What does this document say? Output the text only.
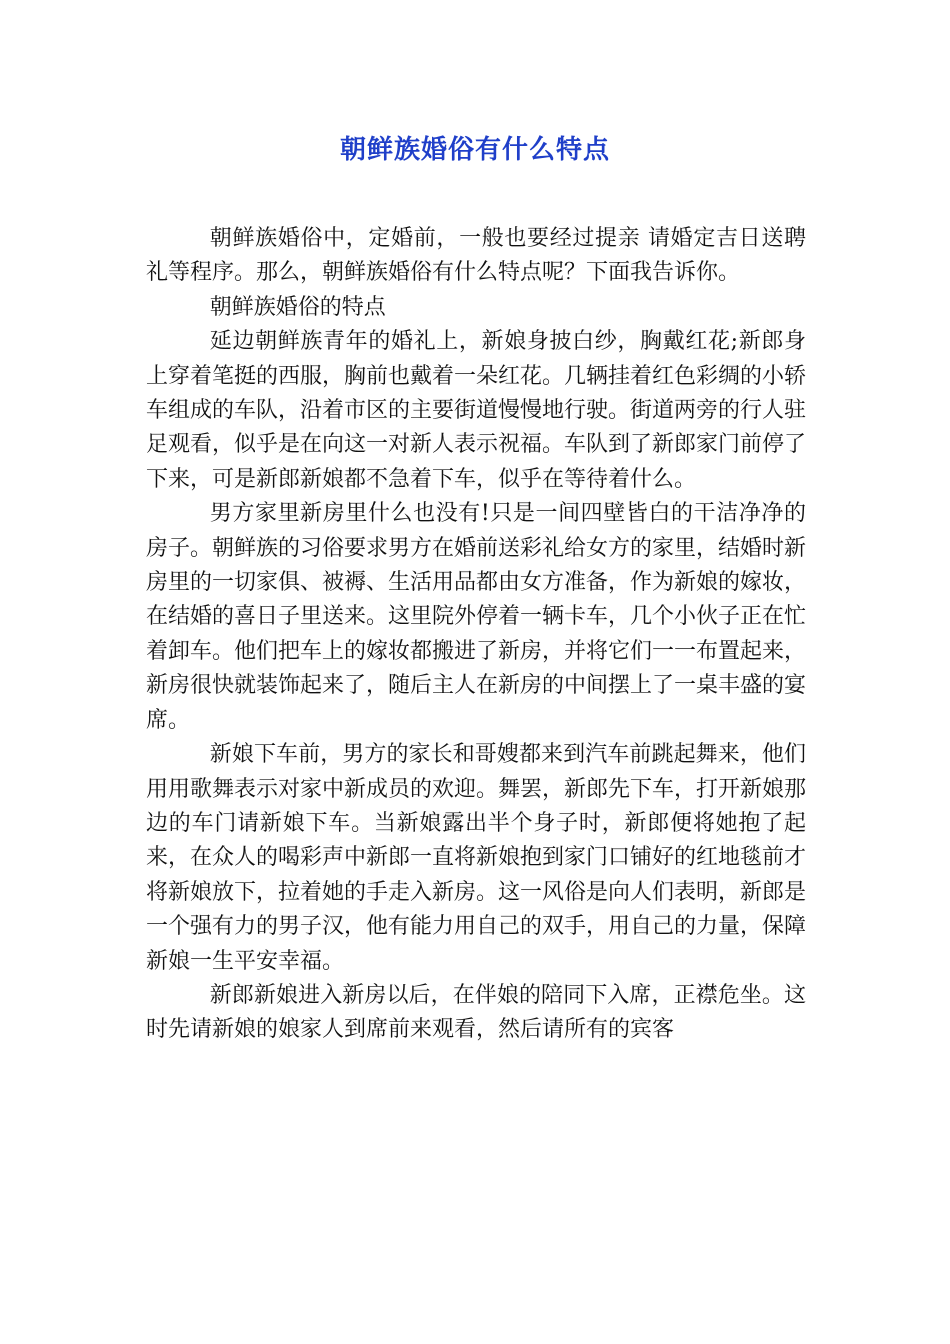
朝鲜族婚俗有什么特点

朝鲜族婚俗中，定婚前，一般也要经过提亲 请婚定吉日送聘礼等程序。那么，朝鲜族婚俗有什么特点呢？下面我告诉你。

朝鲜族婚俗的特点

延边朝鲜族青年的婚礼上，新娘身披白纱，胸戴红花;新郎身上穿着笔挺的西服，胸前也戴着一朵红花。几辆挂着红色彩绸的小轿车组成的车队，沿着市区的主要街道慢慢地行驶。街道两旁的行人驻足观看，似乎是在向这一对新人表示祝福。车队到了新郎家门前停了下来，可是新郎新娘都不急着下车，似乎在等待着什么。

男方家里新房里什么也没有!只是一间四壁皆白的干洁净净的房子。朝鲜族的习俗要求男方在婚前送彩礼给女方的家里，结婚时新房里的一切家俱、被褥、生活用品都由女方准备，作为新娘的嫁妆，在结婚的喜日子里送来。这里院外停着一辆卡车，几个小伙子正在忙着卸车。他们把车上的嫁妆都搬进了新房，并将它们一一布置起来，新房很快就装饰起来了，随后主人在新房的中间摆上了一桌丰盛的宴席。

新娘下车前，男方的家长和哥嫂都来到汽车前跳起舞来，他们用用歌舞表示对家中新成员的欢迎。舞罢，新郎先下车，打开新娘那边的车门请新娘下车。当新娘露出半个身子时，新郎便将她抱了起来，在众人的喝彩声中新郎一直将新娘抱到家门口铺好的红地毯前才将新娘放下，拉着她的手走入新房。这一风俗是向人们表明，新郎是一个强有力的男子汉，他有能力用自己的双手，用自己的力量，保障新娘一生平安幸福。

新郎新娘进入新房以后，在伴娘的陪同下入席，正襟危坐。这时先请新娘的娘家人到席前来观看，然后请所有的宾客
